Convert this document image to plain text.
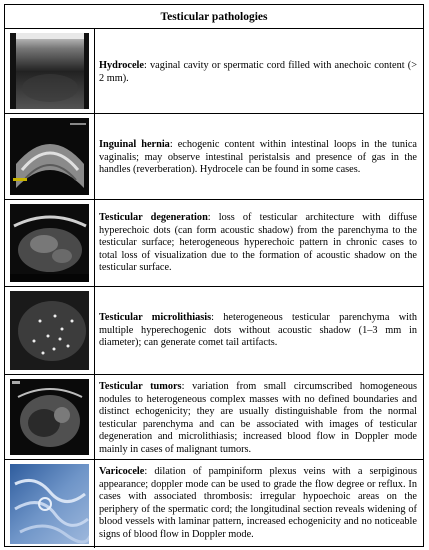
Testicular pathologies
Hydrocele: vaginal cavity or spermatic cord filled with anechoic content (> 2 mm).
Inguinal hernia: echogenic content within intestinal loops in the tunica vaginalis; may observe intestinal peristalsis and presence of gas in the handles (reverberation). Hydrocele can be found in some cases.
Testicular degeneration: loss of testicular architecture with diffuse hyperechoic dots (can form acoustic shadow) from the parenchyma to the testicular surface; heterogeneous hyperechoic pattern in chronic cases to total loss of visualization due to the formation of acoustic shadow on the testicular surface.
Testicular microlithiasis: heterogeneous testicular parenchyma with multiple hyperechogenic dots without acoustic shadow (1–3 mm in diameter); can generate comet tail artifacts.
Testicular tumors: variation from small circumscribed homogeneous nodules to heterogeneous complex masses with no defined boundaries and distinct echogenicity; they are usually distinguishable from the normal testicular parenchyma and can be associated with images of testicular degeneration and microlithiasis; increased blood flow in Doppler mode mainly in cases of malignant tumors.
Varicocele: dilation of pampiniform plexus veins with a serpiginous appearance; doppler mode can be used to grade the flow degree or reflux. In cases with associated thrombosis: irregular hypoechoic areas on the periphery of the spermatic cord; the longitudinal section reveals widening of blood vessels with laminar pattern, increased echogenicity and no noticeable signs of blood flow in Doppler mode.
